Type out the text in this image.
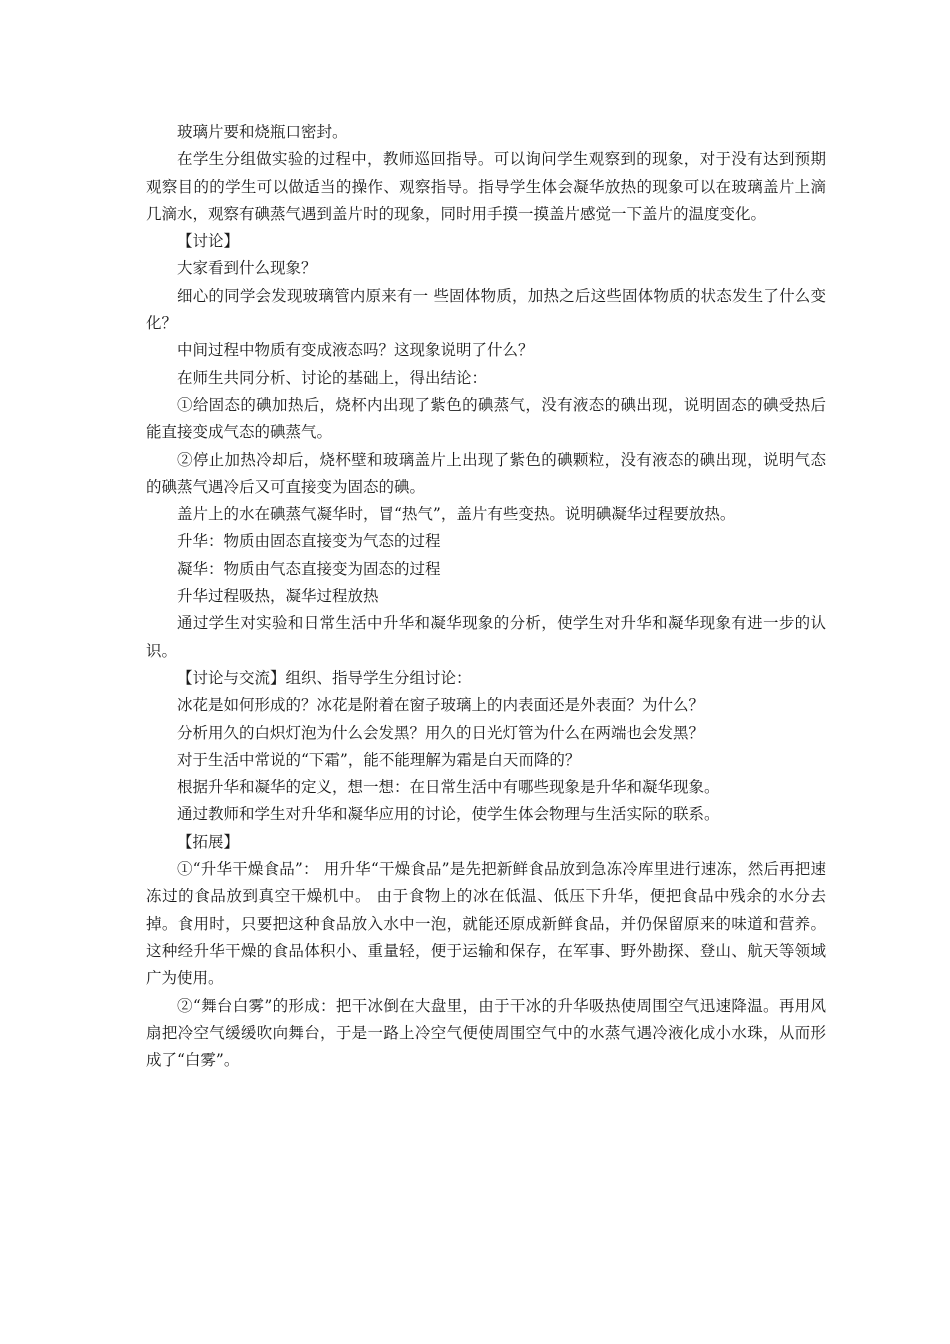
玻璃片要和烧瓶口密封。

在学生分组做实验的过程中，教师巡回指导。可以询问学生观察到的现象，对于没有达到预期观察目的的学生可以做适当的操作、观察指导。指导学生体会凝华放热的现象可以在玻璃盖片上滴几滴水，观察有碘蒸气遇到盖片时的现象，同时用手摸一摸盖片感觉一下盖片的温度变化。

【讨论】

大家看到什么现象？

细心的同学会发现玻璃管内原来有一 些固体物质，加热之后这些固体物质的状态发生了什么变化？

中间过程中物质有变成液态吗？这现象说明了什么？

在师生共同分析、讨论的基础上，得出结论：

①给固态的碘加热后，烧杯内出现了紫色的碘蒸气，没有液态的碘出现，说明固态的碘受热后能直接变成气态的碘蒸气。

②停止加热冷却后，烧杯壁和玻璃盖片上出现了紫色的碘颗粒，没有液态的碘出现，说明气态的碘蒸气遇冷后又可直接变为固态的碘。

盖片上的水在碘蒸气凝华时，冒“热气”，盖片有些变热。说明碘凝华过程要放热。

升华：物质由固态直接变为气态的过程

凝华：物质由气态直接变为固态的过程

升华过程吸热，凝华过程放热

通过学生对实验和日常生活中升华和凝华现象的分析，使学生对升华和凝华现象有进一步的认识。

【讨论与交流】组织、指导学生分组讨论：

冰花是如何形成的？冰花是附着在窗子玻璃上的内表面还是外表面？为什么？

分析用久的白炽灯泡为什么会发黑？用久的日光灯管为什么在两端也会发黑？

对于生活中常说的“下霜”，能不能理解为霜是白天而降的？

根据升华和凝华的定义，想一想：在日常生活中有哪些现象是升华和凝华现象。

通过教师和学生对升华和凝华应用的讨论，使学生体会物理与生活实际的联系。

【拓展】

①“升华干燥食品”： 用升华“干燥食品”是先把新鲜食品放到急冻冷库里进行速冻，然后再把速冻过的食品放到真空干燥机中。 由于食物上的冰在低温、低压下升华，便把食品中残余的水分去掉。食用时，只要把这种食品放入水中一泡，就能还原成新鲜食品，并仍保留原来的味道和营养。这种经升华干燥的食品体积小、重量轻，便于运输和保存，在军事、野外勘探、登山、航天等领域广为使用。

②“舞台白雾”的形成：把干冰倒在大盘里，由于干冰的升华吸热使周围空气迅速降温。再用风扇把冷空气缓缓吹向舞台，于是一路上冷空气便使周围空气中的水蒸气遇冷液化成小水珠，从而形成了“白雾”。
